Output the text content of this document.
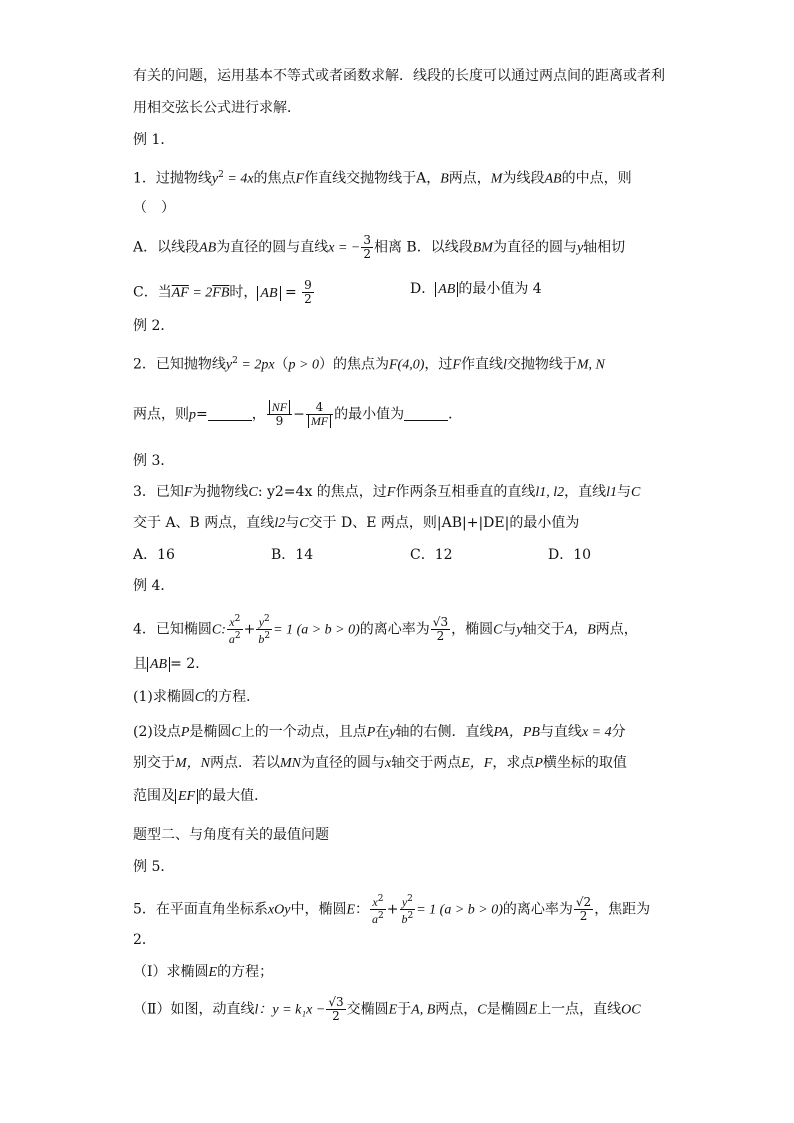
有关的问题，运用基本不等式或者函数求解．线段的长度可以通过两点间的距离或者利
用相交弦长公式进行求解．
例 1．
1．过抛物线$y^2 = 4x$的焦点F作直线交抛物线于A，B两点，M为线段AB的中点，则
（　）
A．以线段AB为直径的圆与直线x = − $\frac{3}{2}$ 相离 B．以线段BM为直径的圆与y轴相切
C．当$\overline{AF} = 2\overline{FB}$时， AB = $\frac{9}{2}$	D． AB 的最小值为 4
例 2．
2．已知抛物线$y^2 = 2px(p > 0)$的焦点为F(4,0)，过F作直线l交抛物线于M, N
两点，则p=	， $\frac{NF}{9} - \frac{4}{MF}$ 的最小值为	．
例 3．
3．已知F为抛物线C: y2=4x 的焦点，过F作两条互相垂直的直线l1, l2，直线l1与C
交于 A、B 两点，直线l2与C交于 D、E 两点，则|AB|+|DE|的最小值为
A．16	B．14	C．12	D．10
例 4．
4．已知椭圆C: $\frac{x^2}{a^2} + \frac{y^2}{b^2} = 1$ (a > b > 0)的离心率为 $\frac{√3}{2}$ ，椭圆C与y轴交于A，B两点，
且 AB = 2．
(1)求椭圆C的方程．
(2)设点P是椭圆C上的一个动点，且点P在y轴的右侧．直线PA，PB与直线x = 4分
别交于M，N两点．若以MN为直径的圆与x轴交于两点E，F，求点P横坐标的取值
范围及 EF 的最大值．
题型二、与角度有关的最值问题
例 5．
5．在平面直角坐标系xOy中，椭圆E： $\frac{x^2}{a^2} + \frac{y^2}{b^2} = 1$ (a > b > 0)的离心率为 $\frac{√2}{2}$ ，焦距为
2．
（Ⅰ）求椭圆E的方程；
（Ⅱ）如图，动直线l：$y = k_1x - \frac{√3}{2}$ 交椭圆E于A, B两点，C是椭圆E上一点，直线OC
